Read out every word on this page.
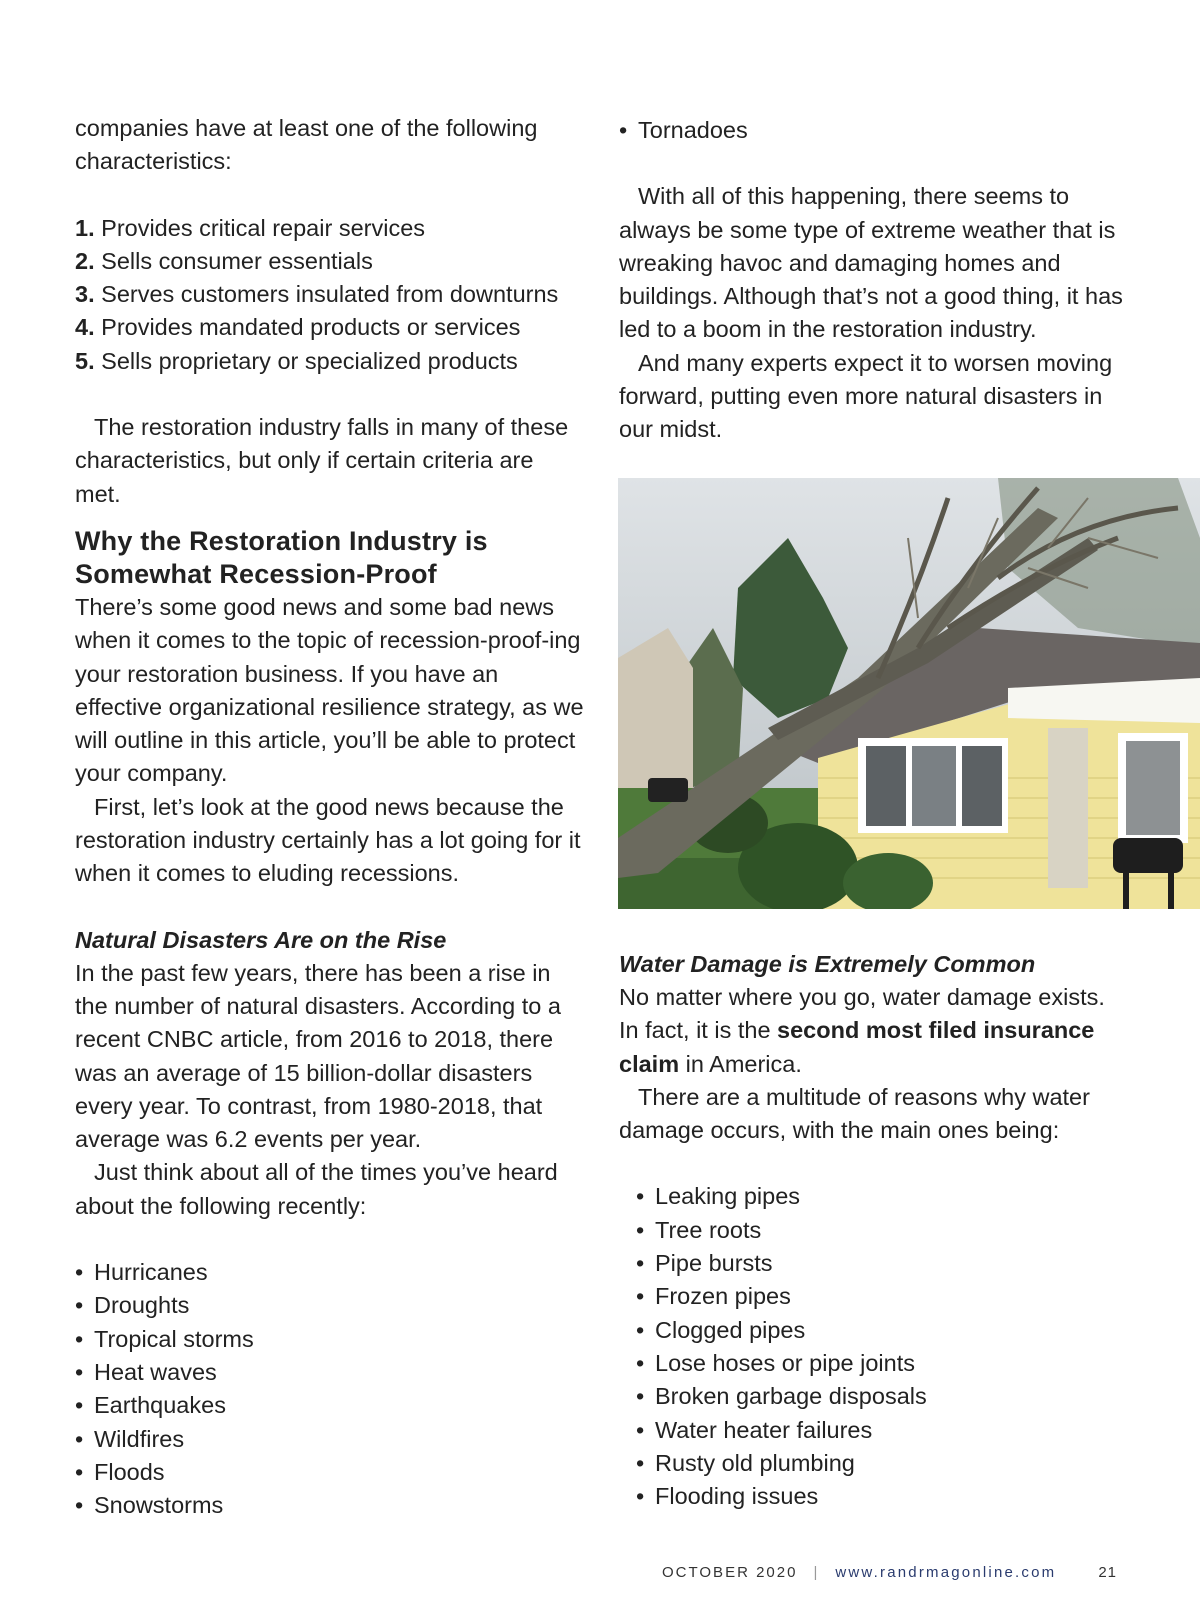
companies have at least one of the following characteristics:

1. Provides critical repair services
2. Sells consumer essentials
3. Serves customers insulated from downturns
4. Provides mandated products or services
5. Sells proprietary or specialized products

The restoration industry falls in many of these characteristics, but only if certain criteria are met.

Why the Restoration Industry is Somewhat Recession-Proof

There’s some good news and some bad news when it comes to the topic of recession-proof-ing your restoration business. If you have an effective organizational resilience strategy, as we will outline in this article, you’ll be able to protect your company.

First, let’s look at the good news because the restoration industry certainly has a lot going for it when it comes to eluding recessions.

Natural Disasters Are on the Rise

In the past few years, there has been a rise in the number of natural disasters. According to a recent CNBC article, from 2016 to 2018, there was an average of 15 billion-dollar disasters every year. To contrast, from 1980-2018, that average was 6.2 events per year.

Just think about all of the times you’ve heard about the following recently:

• Hurricanes
• Droughts
• Tropical storms
• Heat waves
• Earthquakes
• Wildfires
• Floods
• Snowstorms
• Tornadoes

With all of this happening, there seems to always be some type of extreme weather that is wreaking havoc and damaging homes and buildings. Although that’s not a good thing, it has led to a boom in the restoration industry.

And many experts expect it to worsen moving forward, putting even more natural disasters in our midst.

Water Damage is Extremely Common

No matter where you go, water damage exists. In fact, it is the second most filed insurance claim in America.

There are a multitude of reasons why water damage occurs, with the main ones being:

• Leaking pipes
• Tree roots
• Pipe bursts
• Frozen pipes
• Clogged pipes
• Lose hoses or pipe joints
• Broken garbage disposals
• Water heater failures
• Rusty old plumbing
• Flooding issues
OCTOBER 2020 | www.randrmagonline.com	21
